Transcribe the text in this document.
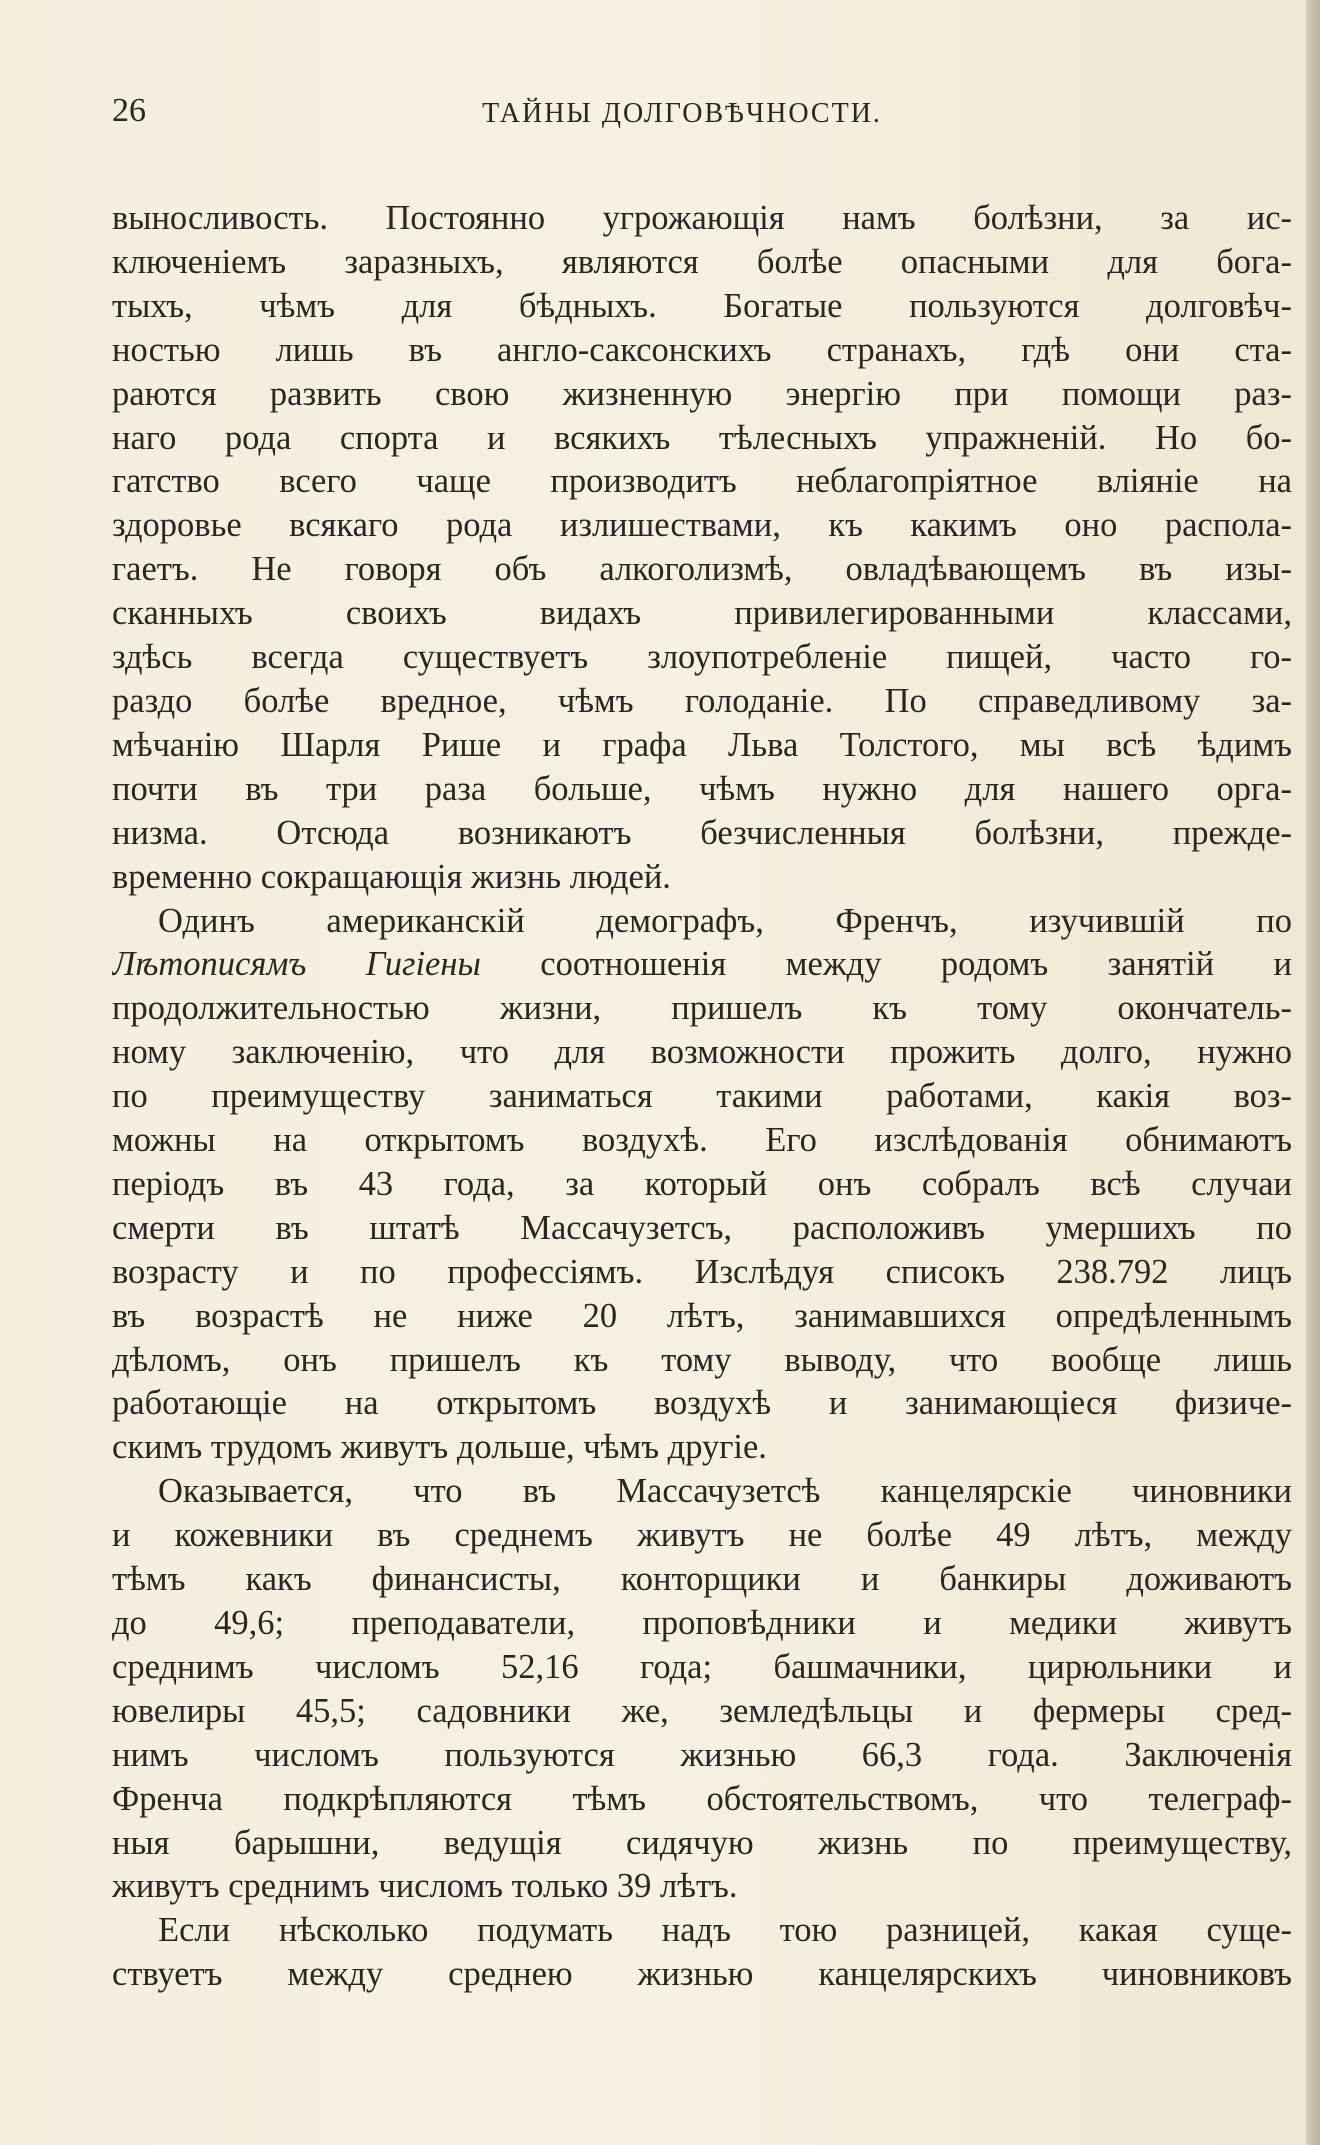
26	ТАЙНЫ ДОЛГОВѢЧНОСТИ.
выносливость. Постоянно угрожающія намъ болѣзни, за ис-
ключеніемъ заразныхъ, являются болѣе опасными для бога-
тыхъ, чѣмъ для бѣдныхъ. Богатые пользуются долговѣч-
ностью лишь въ англо-саксонскихъ странахъ, гдѣ они ста-
раются развить свою жизненную энергію при помощи раз-
наго рода спорта и всякихъ тѣлесныхъ упражненій. Но бо-
гатство всего чаще производитъ неблагопріятное вліяніе на
здоровье всякаго рода излишествами, къ какимъ оно распола-
гаетъ. Не говоря объ алкоголизмѣ, овладѣвающемъ въ изы-
сканныхъ своихъ видахъ привилегированными классами,
здѣсь всегда существуетъ злоупотребленіе пищей, часто го-
раздо болѣе вредное, чѣмъ голоданіе. По справедливому за-
мѣчанію Шарля Рише и графа Льва Толстого, мы всѣ ѣдимъ
почти въ три раза больше, чѣмъ нужно для нашего орга-
низма. Отсюда возникаютъ безчисленныя болѣзни, прежде-
временно сокращающія жизнь людей.
Одинъ американскій демографъ, Френчъ, изучившій по
Лѣтописямъ Гигіены соотношенія между родомъ занятій и
продолжительностью жизни, пришелъ къ тому окончатель-
ному заключенію, что для возможности прожить долго, нужно
по преимуществу заниматься такими работами, какія воз-
можны на открытомъ воздухѣ. Его изслѣдованія обнимаютъ
періодъ въ 43 года, за который онъ собралъ всѣ случаи
смерти въ штатѣ Массачузетсъ, расположивъ умершихъ по
возрасту и по профессіямъ. Изслѣдуя списокъ 238.792 лицъ
въ возрастѣ не ниже 20 лѣтъ, занимавшихся опредѣленнымъ
дѣломъ, онъ пришелъ къ тому выводу, что вообще лишь
работающіе на открытомъ воздухѣ и занимающіеся физиче-
скимъ трудомъ живутъ дольше, чѣмъ другіе.
Оказывается, что въ Массачузетсѣ канцелярскіе чиновники
и кожевники въ среднемъ живутъ не болѣе 49 лѣтъ, между
тѣмъ какъ финансисты, конторщики и банкиры доживаютъ
до 49,6; преподаватели, проповѣдники и медики живутъ
среднимъ числомъ 52,16 года; башмачники, цирюльники и
ювелиры 45,5; садовники же, земледѣльцы и фермеры сред-
нимъ числомъ пользуются жизнью 66,3 года. Заключенія
Френча подкрѣпляются тѣмъ обстоятельствомъ, что телеграф-
ныя барышни, ведущія сидячую жизнь по преимуществу,
живутъ среднимъ числомъ только 39 лѣтъ.
Если нѣсколько подумать надъ тою разницей, какая суще-
ствуетъ между среднею жизнью канцелярскихъ чиновниковъ
